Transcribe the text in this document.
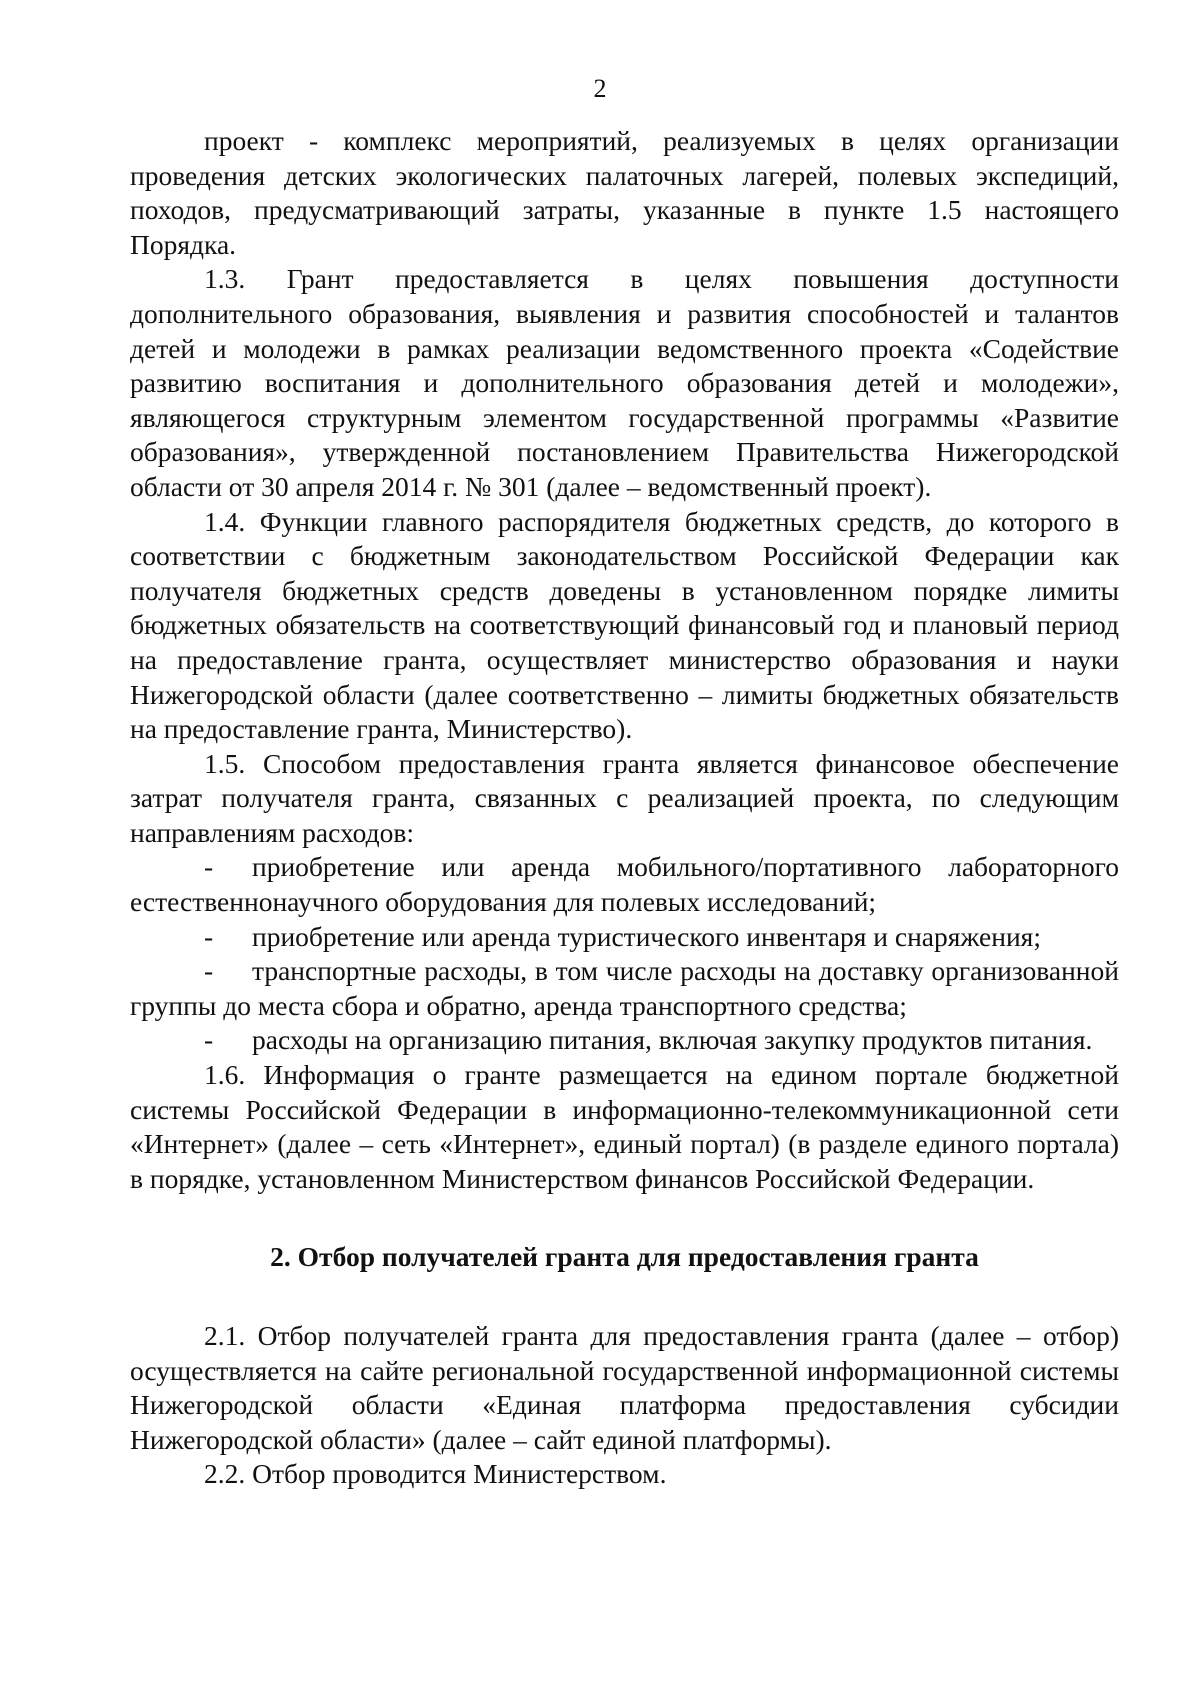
2

проект - комплекс мероприятий, реализуемых в целях организации проведения детских экологических палаточных лагерей, полевых экспедиций, походов, предусматривающий затраты, указанные в пункте 1.5 настоящего Порядка.

1.3. Грант предоставляется в целях повышения доступности дополнительного образования, выявления и развития способностей и талантов детей и молодежи в рамках реализации ведомственного проекта «Содействие развитию воспитания и дополнительного образования детей и молодежи», являющегося структурным элементом государственной программы «Развитие образования», утвержденной постановлением Правительства Нижегородской области от 30 апреля 2014 г. № 301 (далее – ведомственный проект).

1.4. Функции главного распорядителя бюджетных средств, до которого в соответствии с бюджетным законодательством Российской Федерации как получателя бюджетных средств доведены в установленном порядке лимиты бюджетных обязательств на соответствующий финансовый год и плановый период на предоставление гранта, осуществляет министерство образования и науки Нижегородской области (далее соответственно – лимиты бюджетных обязательств на предоставление гранта, Министерство).

1.5. Способом предоставления гранта является финансовое обеспечение затрат получателя гранта, связанных с реализацией проекта, по следующим направлениям расходов:

- приобретение или аренда мобильного/портативного лабораторного естественнонаучного оборудования для полевых исследований;

- приобретение или аренда туристического инвентаря и снаряжения;

- транспортные расходы, в том числе расходы на доставку организованной группы до места сбора и обратно, аренда транспортного средства;

- расходы на организацию питания, включая закупку продуктов питания.

1.6. Информация о гранте размещается на едином портале бюджетной системы Российской Федерации в информационно-телекоммуникационной сети «Интернет» (далее – сеть «Интернет», единый портал) (в разделе единого портала) в порядке, установленном Министерством финансов Российской Федерации.

2. Отбор получателей гранта для предоставления гранта

2.1. Отбор получателей гранта для предоставления гранта (далее – отбор) осуществляется на сайте региональной государственной информационной системы Нижегородской области «Единая платформа предоставления субсидии Нижегородской области» (далее – сайт единой платформы).

2.2. Отбор проводится Министерством.
